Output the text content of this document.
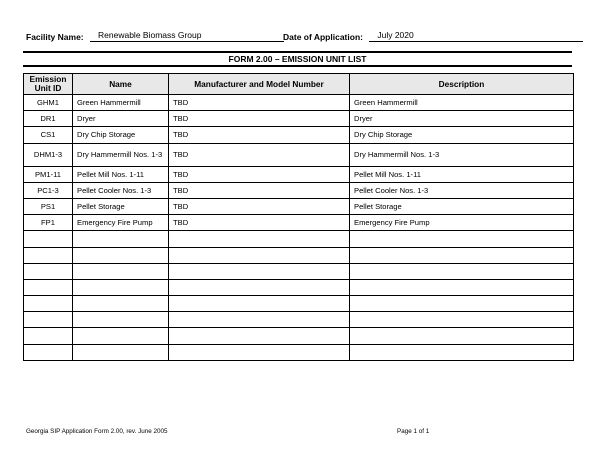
Facility Name: Renewable Biomass Group	Date of Application: July 2020
FORM 2.00 – EMISSION UNIT LIST
Emission Unit ID	Name	Manufacturer and Model Number	Description
GHM1	Green Hammermill	TBD	Green Hammermill
DR1	Dryer	TBD	Dryer
CS1	Dry Chip Storage	TBD	Dry Chip Storage
DHM1-3	Dry Hammermill Nos. 1-3	TBD	Dry Hammermill Nos. 1-3
PM1-11	Pellet Mill Nos. 1-11	TBD	Pellet Mill Nos. 1-11
PC1-3	Pellet Cooler Nos. 1-3	TBD	Pellet Cooler Nos. 1-3
PS1	Pellet Storage	TBD	Pellet Storage
FP1	Emergency Fire Pump	TBD	Emergency Fire Pump

Georgia SIP Application Form 2.00, rev. June 2005	Page 1 of 1
